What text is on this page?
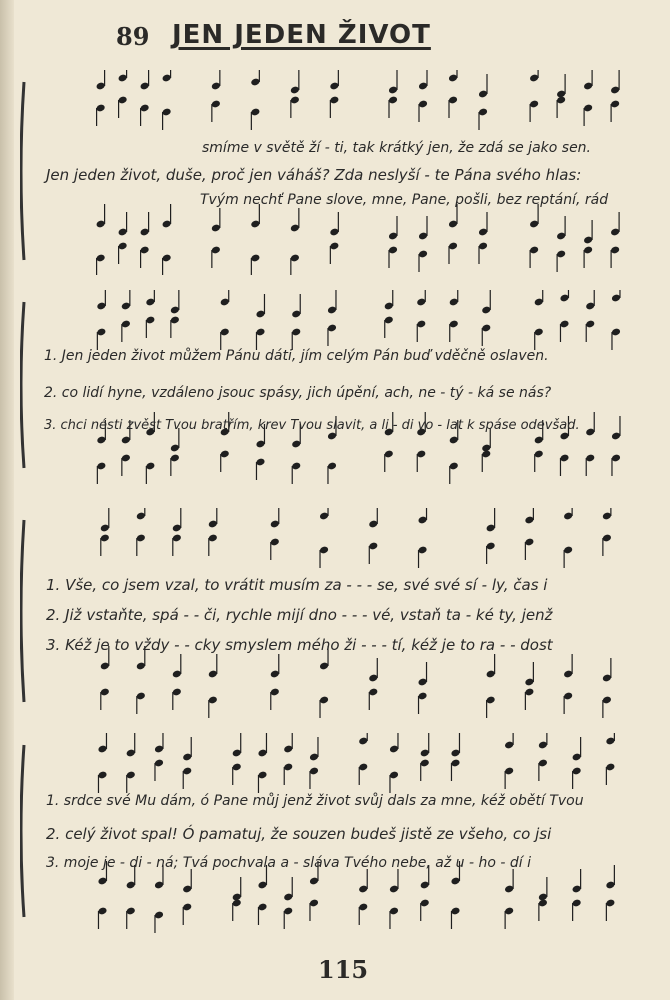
89 JEN JEDEN ŽIVOT
smíme v světě ží - ti, tak krátký jen, že zdá se jako sen.
Jen jeden život, duše, proč jen váháš? Zda neslyší - te Pána svého hlas:
Tvým nechť Pane slove, mne, Pane, pošli, bez reptání, rád
1. Jen jeden život můžem Pánu dáti, jím celým Pán buď vděčně oslaven.
2. co lidí hyne, vzdáleno jsouc spásy, jich úpění, ach, ne - tý - ká se nás?
3. chci nésti zvěst Tvou bratřím, krev Tvou slavit, a li - di vo - lat k spáse odevšad.
1. Vše, co jsem vzal, to vrátit musím za - - - se, své své sí - ly, čas i
2. Již vstaňte, spá - - či, rychle mijí dno - - - vé, vstaň ta - ké ty, jenž
3. Kéž je to vždy - - cky smyslem mého ži - - - tí, kéž je to ra - - dost
1. srdce své Mu dám, ó Pane můj jenž život svůj dals za mne, kéž obětí Tvou
2. celý život spal! Ó pamatuj, že souzen budeš jistě ze všeho, co jsi
3. moje je - di - ná; Tvá pochvala a - sláva Tvého nebe, až u - ho - dí i
115
